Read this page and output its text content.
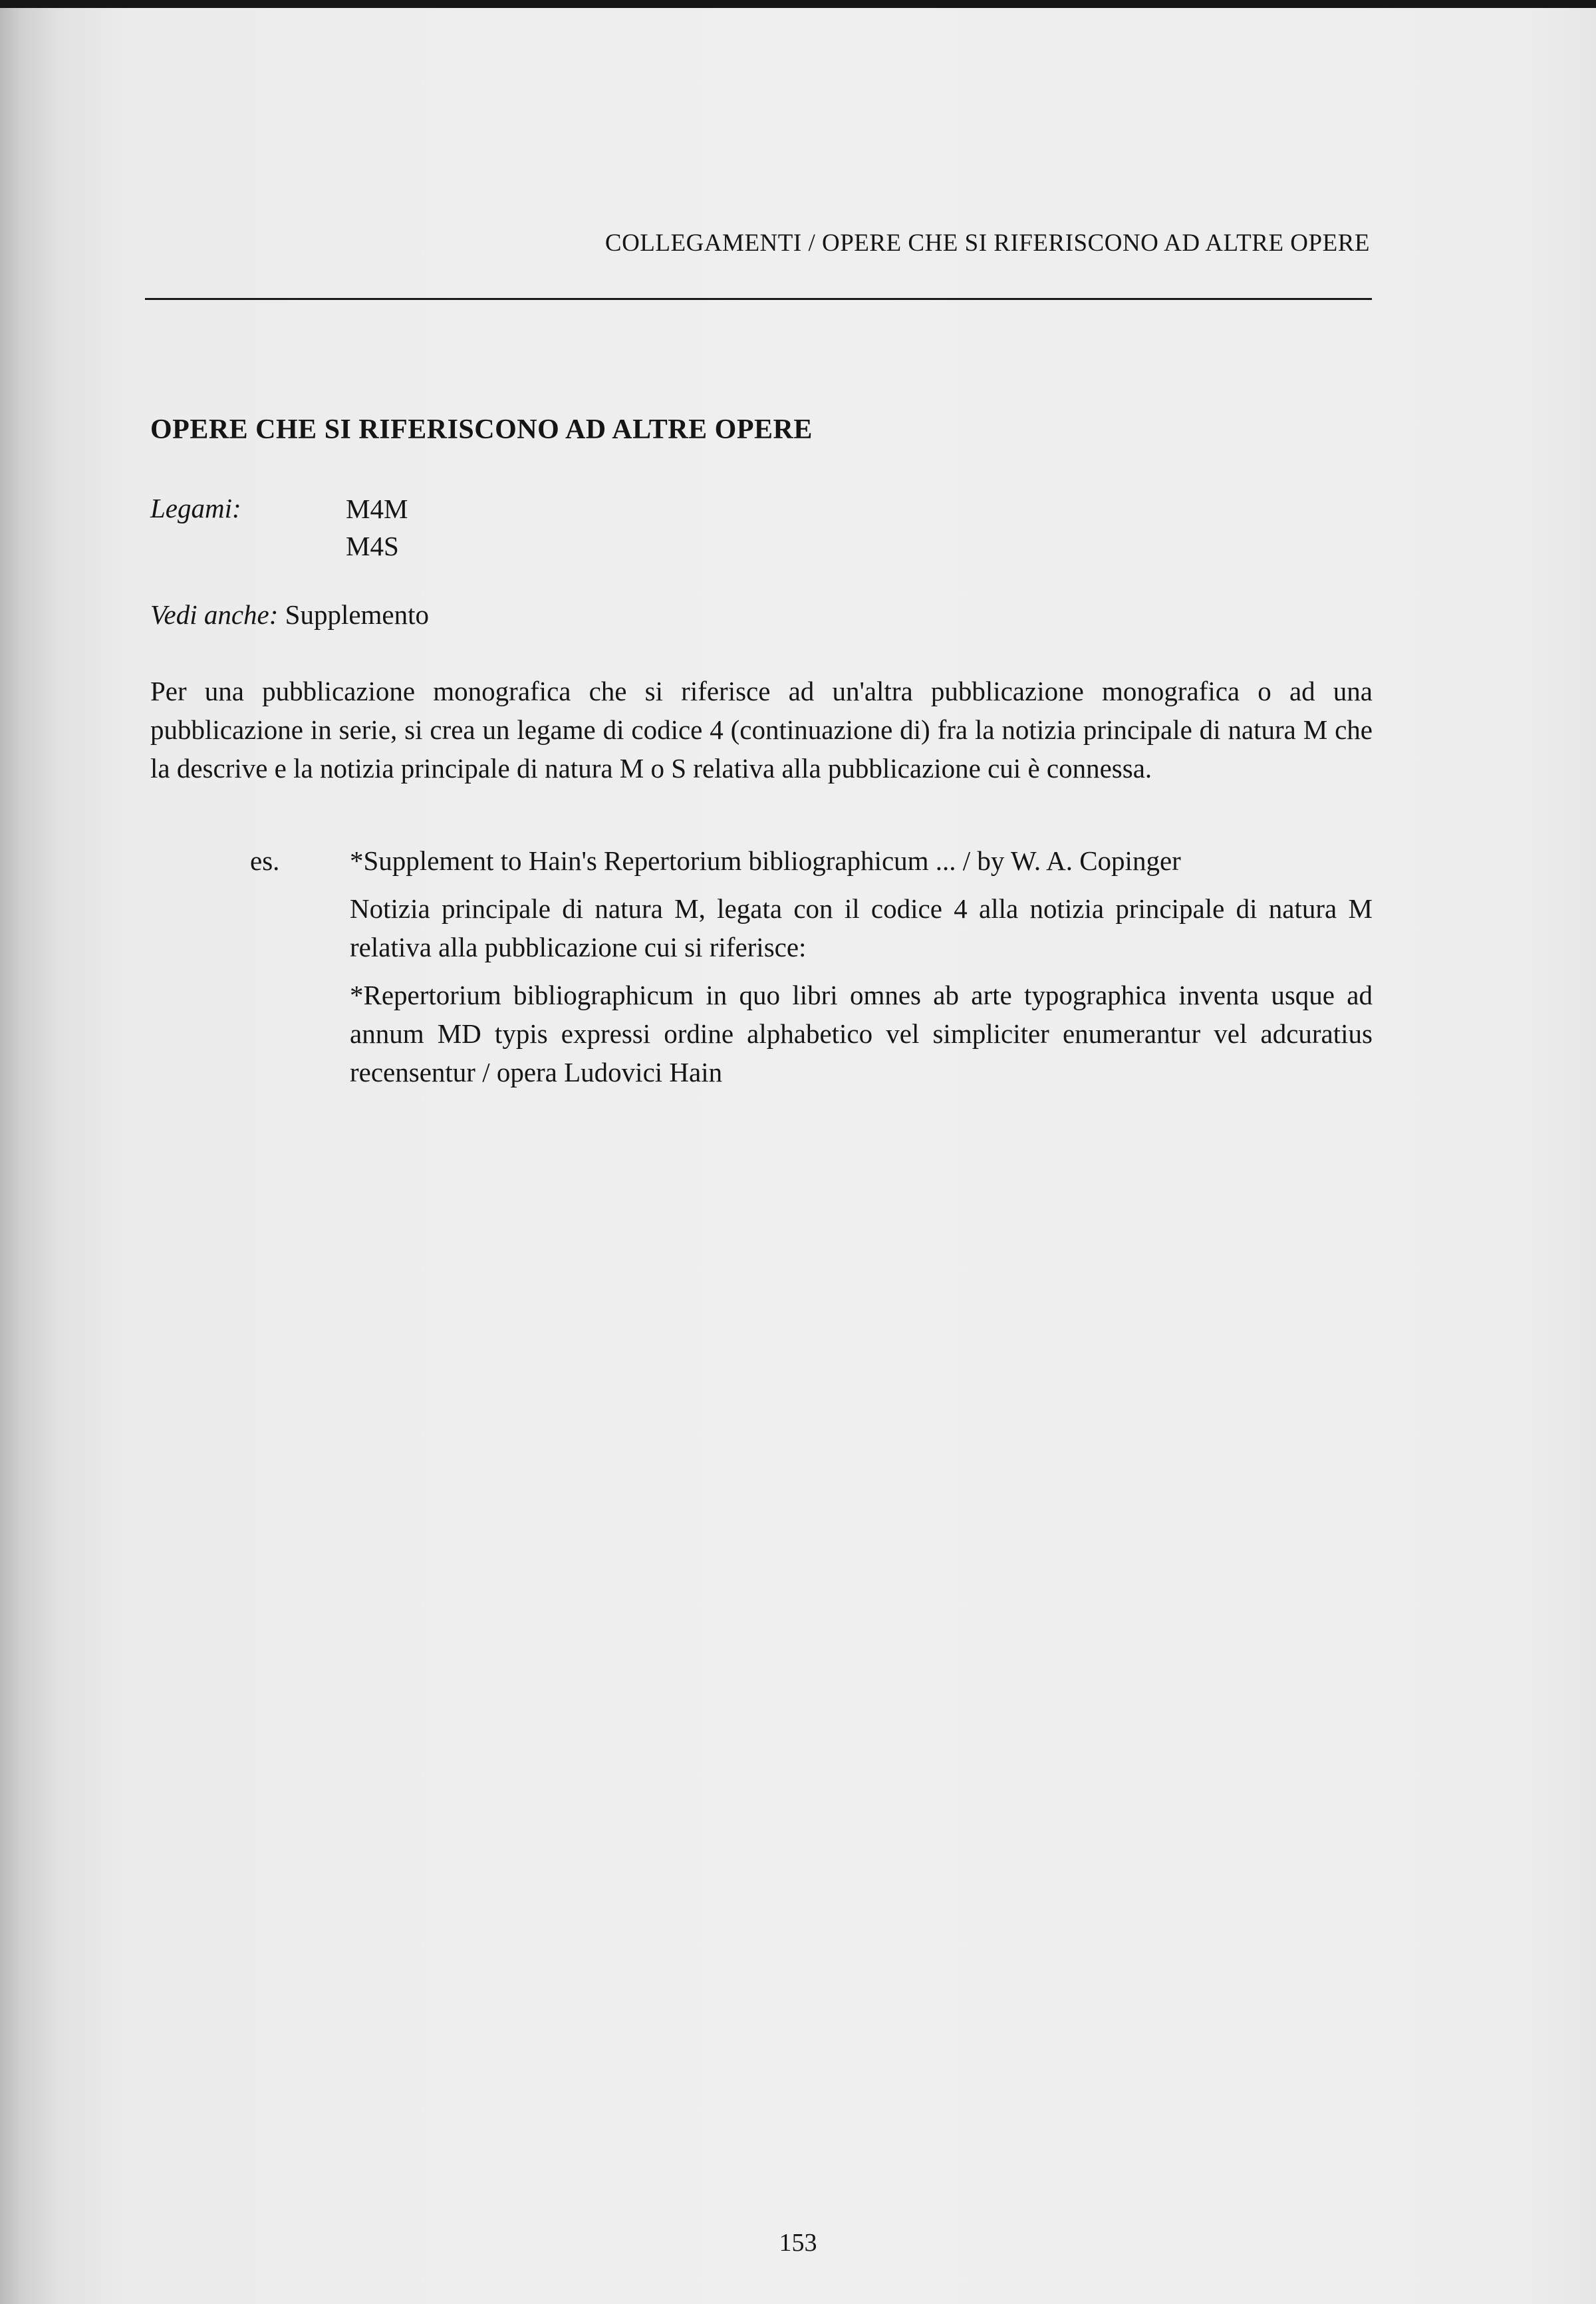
COLLEGAMENTI / OPERE CHE SI RIFERISCONO AD ALTRE OPERE
OPERE CHE SI RIFERISCONO AD ALTRE OPERE
Legami:	M4M
M4S
Vedi anche: Supplemento

Per una pubblicazione monografica che si riferisce ad un'altra pubblicazione monografica o ad una pubblicazione in serie, si crea un legame di codice 4 (continuazione di) fra la notizia principale di natura M che la descrive e la notizia principale di natura M o S relativa alla pubblicazione cui è connessa.

es.	*Supplement to Hain's Repertorium bibliographicum ... / by W. A. Copinger

Notizia principale di natura M, legata con il codice 4 alla notizia principale di natura M relativa alla pubblicazione cui si riferisce:

*Repertorium bibliographicum in quo libri omnes ab arte typographica inventa usque ad annum MD typis expressi ordine alphabetico vel simpliciter enumerantur vel adcuratius recensentur / opera Ludovici Hain

153
